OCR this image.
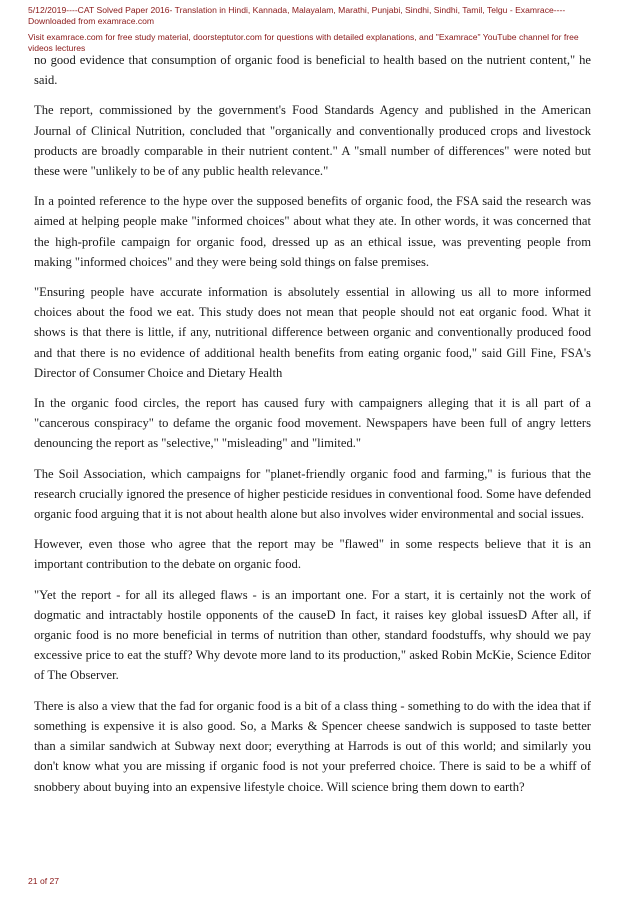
5/12/2019----CAT Solved Paper 2016- Translation in Hindi, Kannada, Malayalam, Marathi, Punjabi, Sindhi, Sindhi, Tamil, Telgu - Examrace----

Downloaded from examrace.com

Visit examrace.com for free study material, doorsteptutor.com for questions with detailed explanations, and "Examrace" YouTube channel for free

videos lectures

no good evidence that consumption of organic food is beneficial to health based on the nutrient content," he said.

The report, commissioned by the government's Food Standards Agency and published in the American Journal of Clinical Nutrition, concluded that "organically and conventionally produced crops and livestock products are broadly comparable in their nutrient content." A "small number of differences" were noted but these were "unlikely to be of any public health relevance."

In a pointed reference to the hype over the supposed benefits of organic food, the FSA said the research was aimed at helping people make "informed choices" about what they ate. In other words, it was concerned that the high-profile campaign for organic food, dressed up as an ethical issue, was preventing people from making "informed choices" and they were being sold things on false premises.

"Ensuring people have accurate information is absolutely essential in allowing us all to more informed choices about the food we eat. This study does not mean that people should not eat organic food. What it shows is that there is little, if any, nutritional difference between organic and conventionally produced food and that there is no evidence of additional health benefits from eating organic food," said Gill Fine, FSA's Director of Consumer Choice and Dietary Health

In the organic food circles, the report has caused fury with campaigners alleging that it is all part of a "cancerous conspiracy" to defame the organic food movement. Newspapers have been full of angry letters denouncing the report as "selective," "misleading" and "limited."

The Soil Association, which campaigns for "planet-friendly organic food and farming," is furious that the research crucially ignored the presence of higher pesticide residues in conventional food. Some have defended organic food arguing that it is not about health alone but also involves wider environmental and social issues.

However, even those who agree that the report may be "flawed" in some respects believe that it is an important contribution to the debate on organic food.

"Yet the report - for all its alleged flaws - is an important one. For a start, it is certainly not the work of dogmatic and intractably hostile opponents of the causeD In fact, it raises key global issuesD After all, if organic food is no more beneficial in terms of nutrition than other, standard foodstuffs, why should we pay excessive price to eat the stuff? Why devote more land to its production," asked Robin McKie, Science Editor of The Observer.

There is also a view that the fad for organic food is a bit of a class thing - something to do with the idea that if something is expensive it is also good. So, a Marks & Spencer cheese sandwich is supposed to taste better than a similar sandwich at Subway next door; everything at Harrods is out of this world; and similarly you don't know what you are missing if organic food is not your preferred choice. There is said to be a whiff of snobbery about buying into an expensive lifestyle choice. Will science bring them down to earth?

21 of 27
